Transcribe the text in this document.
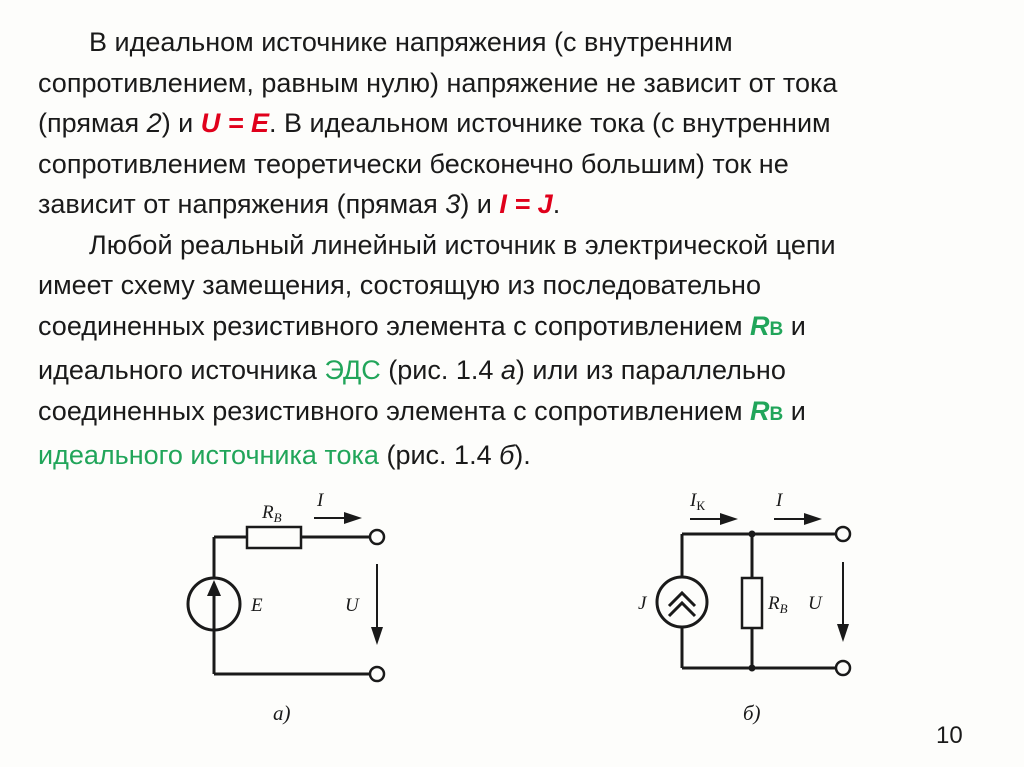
В идеальном источнике напряжения (с внутренним
сопротивлением, равным нулю) напряжение не зависит от тока
(прямая 2) и U = E. В идеальном источнике тока (с внутренним
сопротивлением теоретически бесконечно большим) ток не
зависит от напряжения (прямая 3) и I = J.
Любой реальный линейный источник в электрической цепи
имеет схему замещения, состоящую из последовательно
соединенных резистивного элемента с сопротивлением RВ и
идеального источника ЭДС (рис. 1.4 а) или из параллельно
соединенных резистивного элемента с сопротивлением RВ и
идеального источника тока (рис. 1.4 б).
$R_B$
I
E	U
а)
$I_К$	I
J	$R_B$ U
б)
10
